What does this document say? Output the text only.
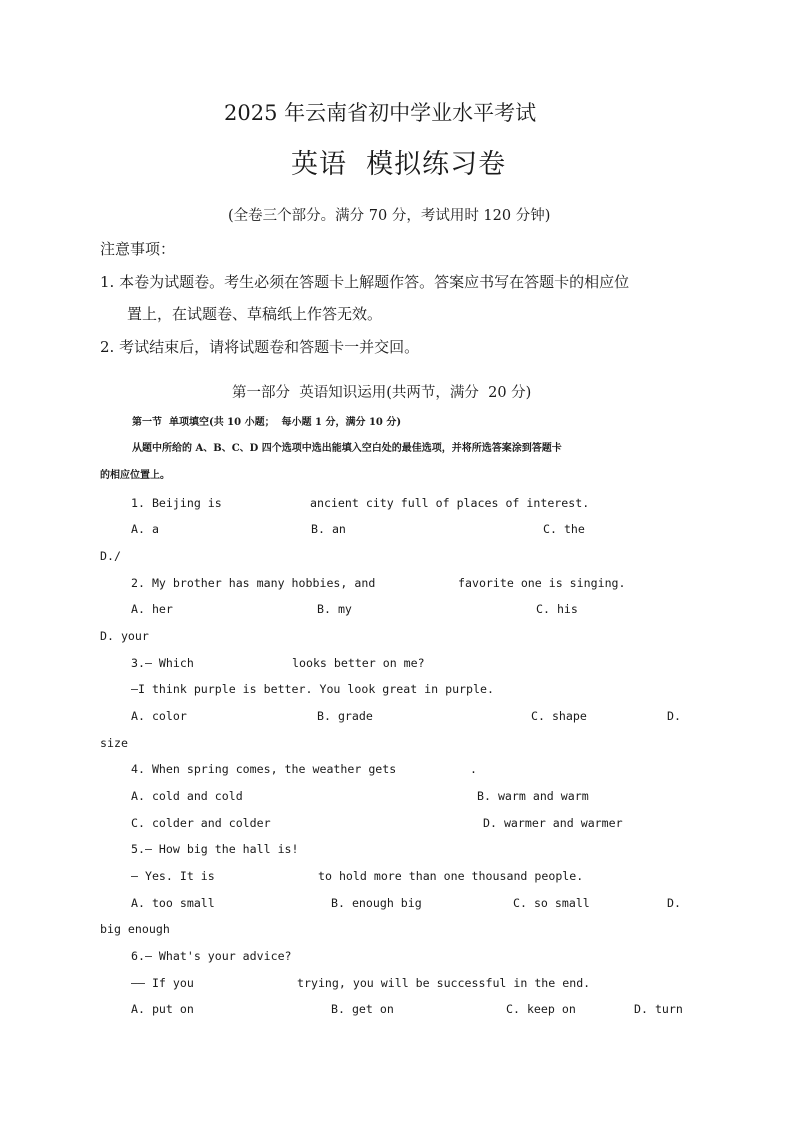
2025 年云南省初中学业水平考试
英语  模拟练习卷
(全卷三个部分。满分 70 分，考试用时 120 分钟)
注意事项：
1. 本卷为试题卷。考生必须在答题卡上解题作答。答案应书写在答题卡的相应位
置上，在试题卷、草稿纸上作答无效。
2. 考试结束后，请将试题卷和答题卡一并交回。
第一部分  英语知识运用(共两节，满分  20 分)
第一节  单项填空(共 10 小题；  每小题 1 分，满分 10 分)
从题中所给的 A、B、C、D 四个选项中选出能填入空白处的最佳选项，并将所选答案涂到答题卡
的相应位置上。
1. Beijing is	ancient city full of places of interest.
A. a	B. an	C. the
D./
2. My brother has many hobbies, and	favorite one is singing.
A. her	B. my	C. his
D. your
3.— Which	looks better on me?
—I think purple is better. You look great in purple.
A. color	B. grade	C. shape	D.
size
4. When spring comes, the weather gets	.
A. cold and cold	B. warm and warm
C. colder and colder	D. warmer and warmer
5.— How big the hall is!
— Yes. It is	to hold more than one thousand people.
A. too small	B. enough big	C. so small	D.
big enough
6.— What's your advice?
—— If you	trying, you will be successful in the end.
A. put on	B. get on	C. keep on	D. turn
